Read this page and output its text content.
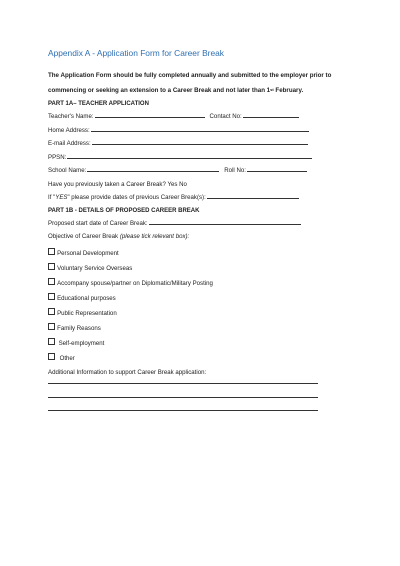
Appendix A - Application Form for Career Break

The Application Form should be fully completed annually and submitted to the employer prior to

commencing or seeking an extension to a Career Break and not later than 1st February.

PART 1A– TEACHER APPLICATION

Teacher's Name:	Contact No:
Home Address:
E-mail Address:
PPSN:
School Name:	Roll No:
Have you previously taken a Career Break? Yes No
If "YES" please provide dates of previous Career Break(s):

PART 1B - DETAILS OF PROPOSED CAREER BREAK

Proposed start date of Career Break:
Objective of Career Break (please tick relevant box):
Personal Development
Voluntary Service Overseas
Accompany spouse/partner on Diplomatic/Military Posting
Educational purposes
Public Representation
Family Reasons
Self-employment
Other
Additional Information to support Career Break application:
